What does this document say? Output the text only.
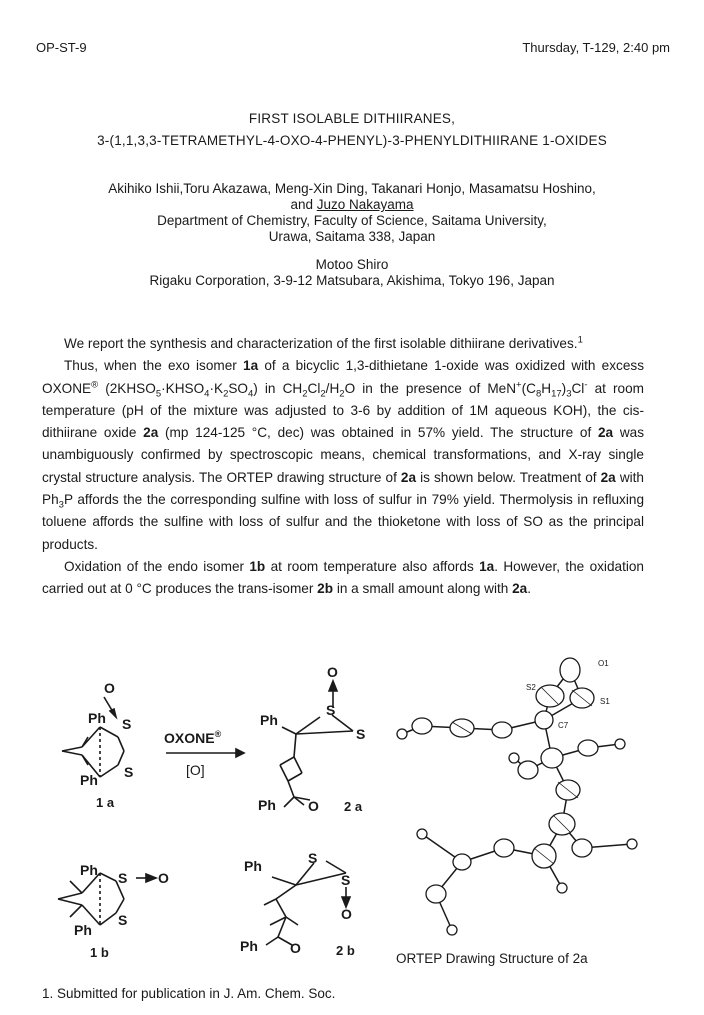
OP-ST-9	Thursday, T-129, 2:40 pm
FIRST ISOLABLE DITHIIRANES,
3-(1,1,3,3-TETRAMETHYL-4-OXO-4-PHENYL)-3-PHENYLDITHIIRANE 1-OXIDES
Akihiko Ishii,Toru Akazawa, Meng-Xin Ding, Takanari Honjo, Masamatsu Hoshino,
and Juzo Nakayama
Department of Chemistry, Faculty of Science, Saitama University,
Urawa, Saitama 338, Japan
Motoo Shiro
Rigaku Corporation, 3-9-12 Matsubara, Akishima, Tokyo 196, Japan

We report the synthesis and characterization of the first isolable dithiirane derivatives.$^1$

Thus, when the exo isomer 1a of a bicyclic 1,3-dithietane 1-oxide was oxidized with excess OXONE® $(2KHSO_5\cdot KHSO_4\cdot K_2SO_4)$ in $CH_2Cl_2/H_2O$ in the presence of $MeN^+(C_8H_{17})_3Cl^-$ at room temperature (pH of the mixture was adjusted to 3-6 by addition of 1M aqueous KOH), the cis-dithiirane oxide 2a (mp 124-125 °C, dec) was obtained in 57% yield. The structure of 2a was unambiguously confirmed by spectroscopic means, chemical transformations, and X-ray single crystal structure analysis. The ORTEP drawing structure of 2a is shown below. Treatment of 2a with $Ph_3P$ affords the the corresponding sulfine with loss of sulfur in 79% yield. Thermolysis in refluxing toluene affords the sulfine with loss of sulfur and the thioketone with loss of SO as the principal products.

Oxidation of the endo isomer 1b at room temperature also affords 1a. However, the oxidation carried out at 0 °C produces the trans-isomer 2b in a small amount along with 2a.

O
Ph S
S
Ph
1 a
OXONE®
[O]
O
S
S
Ph
Ph O 2 a
Ph S O
S
Ph
1 b
Ph	S
S
O
Ph O	2 b
O1
S1
S2
C7
ORTEP Drawing Structure of 2a
1. Submitted for publication in J. Am. Chem. Soc.
